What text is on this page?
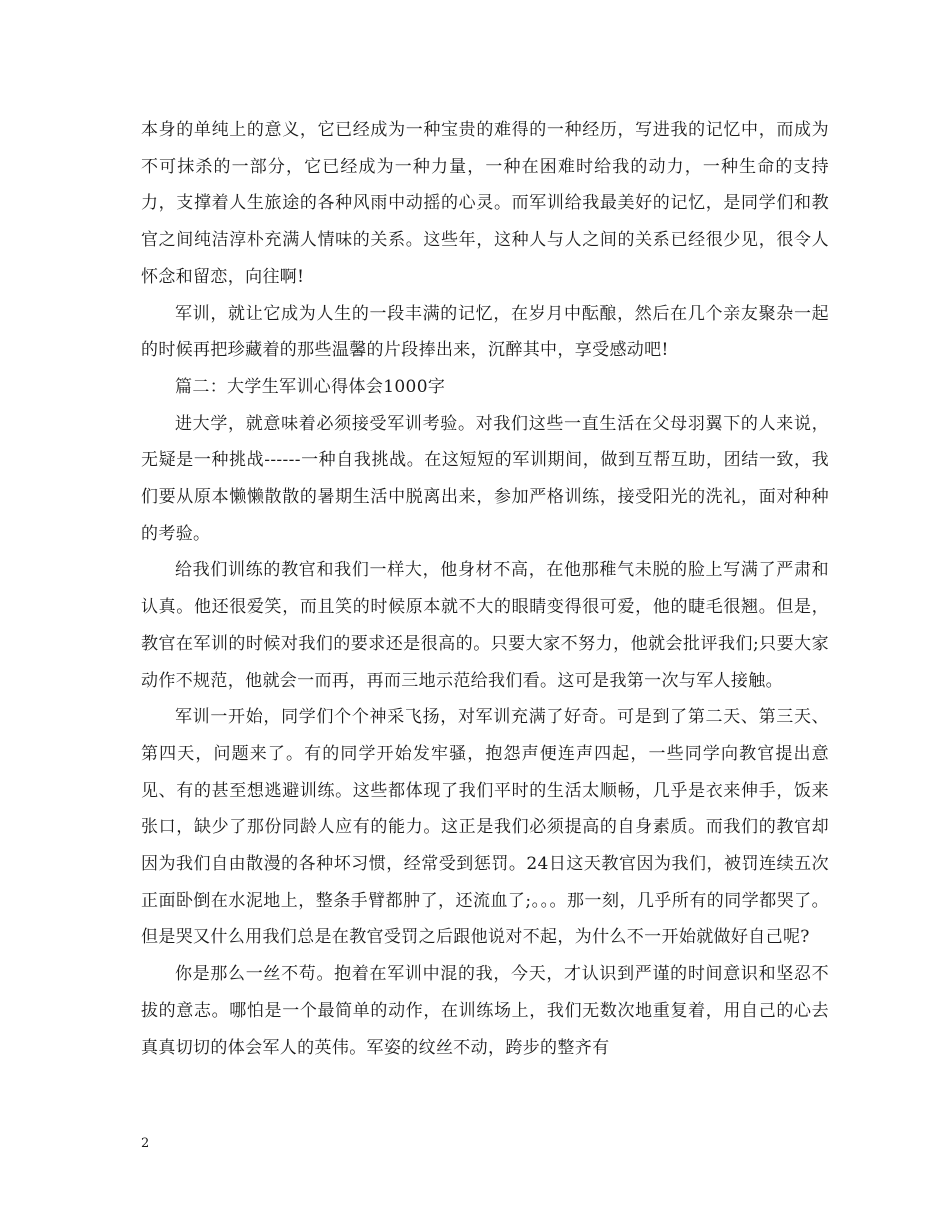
本身的单纯上的意义，它已经成为一种宝贵的难得的一种经历，写进我的记忆中，而成为不可抹杀的一部分，它已经成为一种力量，一种在困难时给我的动力，一种生命的支持力，支撑着人生旅途的各种风雨中动摇的心灵。而军训给我最美好的记忆，是同学们和教官之间纯洁淳朴充满人情味的关系。这些年，这种人与人之间的关系已经很少见，很令人怀念和留恋，向往啊!

军训，就让它成为人生的一段丰满的记忆，在岁月中酝酿，然后在几个亲友聚杂一起的时候再把珍藏着的那些温馨的片段捧出来，沉醉其中，享受感动吧!

篇二：大学生军训心得体会1000字

进大学，就意味着必须接受军训考验。对我们这些一直生活在父母羽翼下的人来说，无疑是一种挑战------一种自我挑战。在这短短的军训期间，做到互帮互助，团结一致，我们要从原本懒懒散散的暑期生活中脱离出来，参加严格训练，接受阳光的洗礼，面对种种的考验。

给我们训练的教官和我们一样大，他身材不高，在他那稚气未脱的脸上写满了严肃和认真。他还很爱笑，而且笑的时候原本就不大的眼睛变得很可爱，他的睫毛很翘。但是，教官在军训的时候对我们的要求还是很高的。只要大家不努力，他就会批评我们;只要大家动作不规范，他就会一而再，再而三地示范给我们看。这可是我第一次与军人接触。

军训一开始，同学们个个神采飞扬，对军训充满了好奇。可是到了第二天、第三天、第四天，问题来了。有的同学开始发牢骚，抱怨声便连声四起，一些同学向教官提出意见、有的甚至想逃避训练。这些都体现了我们平时的生活太顺畅，几乎是衣来伸手，饭来张口，缺少了那份同龄人应有的能力。这正是我们必须提高的自身素质。而我们的教官却因为我们自由散漫的各种坏习惯，经常受到惩罚。24日这天教官因为我们，被罚连续五次正面卧倒在水泥地上，整条手臂都肿了，还流血了;。。。那一刻，几乎所有的同学都哭了。但是哭又什么用我们总是在教官受罚之后跟他说对不起，为什么不一开始就做好自己呢?

你是那么一丝不苟。抱着在军训中混的我，今天，才认识到严谨的时间意识和坚忍不拔的意志。哪怕是一个最简单的动作，在训练场上，我们无数次地重复着，用自己的心去真真切切的体会军人的英伟。军姿的纹丝不动，跨步的整齐有

2
